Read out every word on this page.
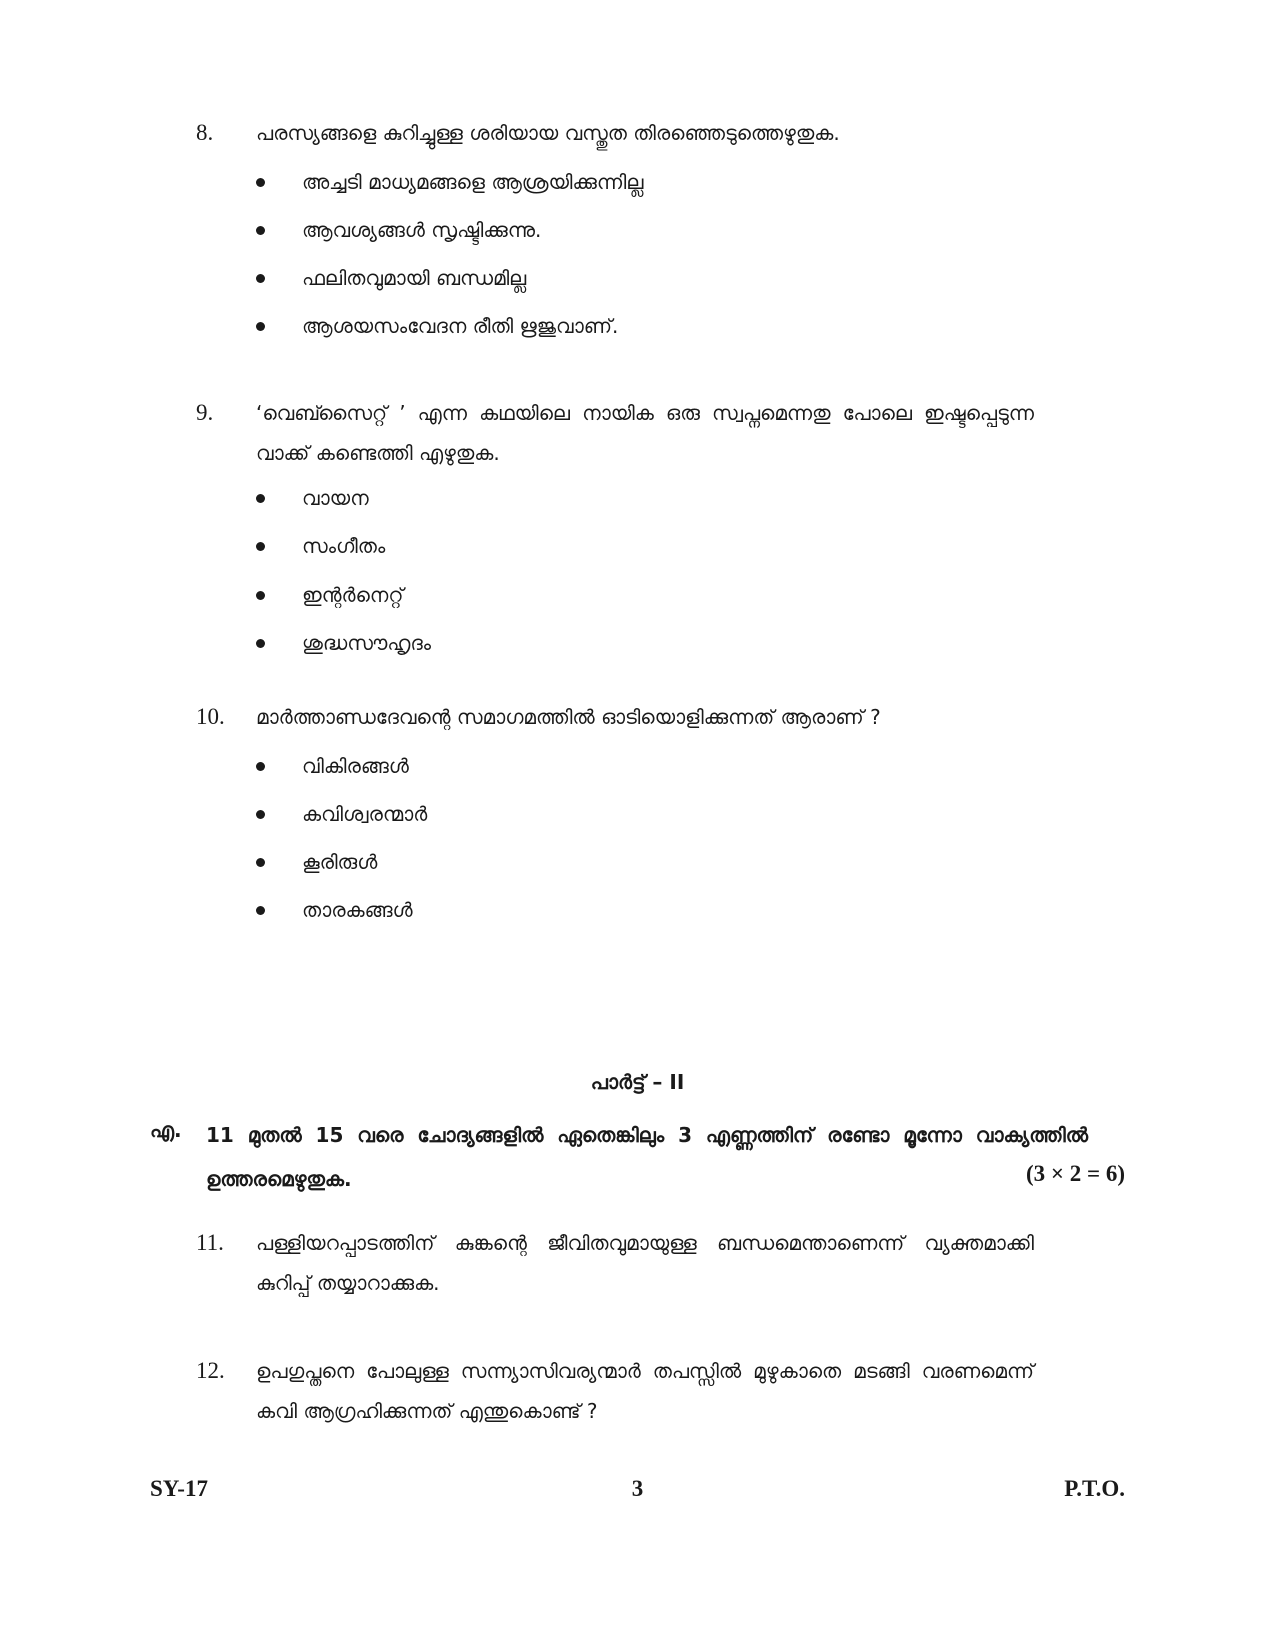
8. പരസ്യങ്ങളെ കുറിച്ചുള്ള ശരിയായ വസ്തുത തിരഞ്ഞെടുത്തെഴുതുക.
അച്ചടി മാധ്യമങ്ങളെ ആശ്രയിക്കുന്നില്ല
ആവശ്യങ്ങൾ സൃഷ്ടിക്കുന്നു.
ഫലിതവുമായി ബന്ധമില്ല
ആശയസംവേദന രീതി ഋജുവാണ്.
9. ‘വെബ്സൈറ്റ് ’ എന്ന കഥയിലെ നായിക ഒരു സ്വപ്നമെന്നതു പോലെ ഇഷ്ടപ്പെടുന്ന വാക്ക് കണ്ടെത്തി എഴുതുക.
വായന
സംഗീതം
ഇന്റർനെറ്റ്
ശുദ്ധസൗഹൃദം
10. മാർത്താണ്ഡദേവന്റെ സമാഗമത്തിൽ ഓടിയൊളിക്കുന്നത് ആരാണ് ?
വികിരങ്ങൾ
കവിശ്വരന്മാർ
കൂരിരുൾ
താരകങ്ങൾ
പാർട്ട് – II
എ. 11 മുതൽ 15 വരെ ചോദ്യങ്ങളിൽ ഏതെങ്കിലും 3 എണ്ണത്തിന് രണ്ടോ മൂന്നോ വാക്യത്തിൽ ഉത്തരമെഴുതുക.	(3 × 2 = 6)
11. പള്ളിയറപ്പാടത്തിന് കുങ്കന്റെ ജീവിതവുമായുള്ള ബന്ധമെന്താണെന്ന് വ്യക്തമാക്കി കുറിപ്പ് തയ്യാറാക്കുക.
12. ഉപഗുപ്തനെ പോലുള്ള സന്ന്യാസിവര്യന്മാർ തപസ്സിൽ മുഴുകാതെ മടങ്ങി വരണമെന്ന് കവി ആഗ്രഹിക്കുന്നത് എന്തുകൊണ്ട് ?
SY-17	3	P.T.O.
